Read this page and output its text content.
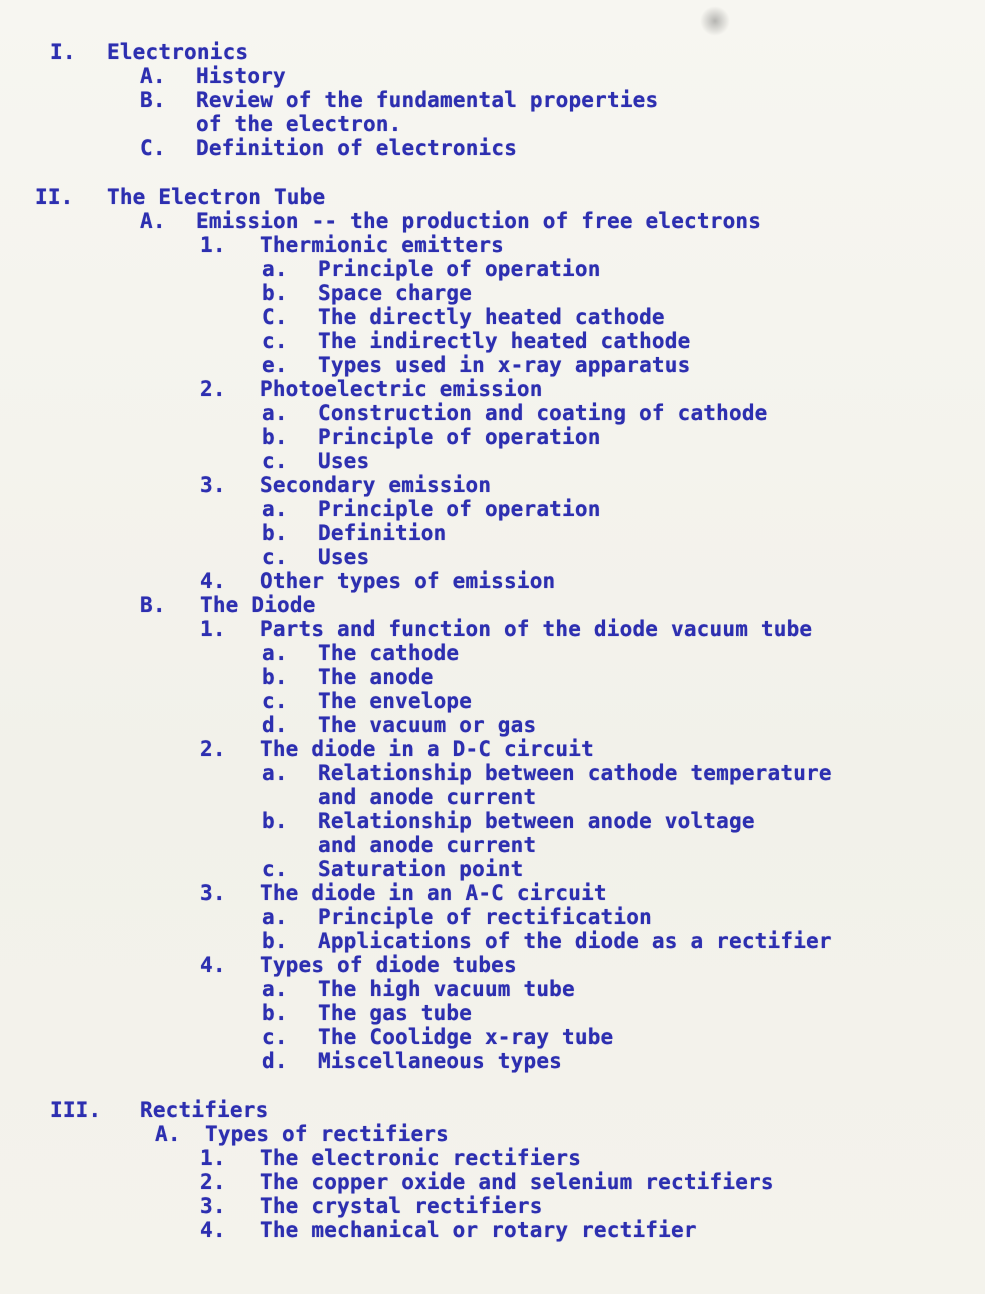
I. Electronics
A. History
B. Review of the fundamental properties
of the electron.
C. Definition of electronics
II. The Electron Tube
A. Emission -- the production of free electrons
1. Thermionic emitters
a. Principle of operation
b. Space charge
C. The directly heated cathode
c. The indirectly heated cathode
e. Types used in x-ray apparatus
2. Photoelectric emission
a. Construction and coating of cathode
b. Principle of operation
c. Uses
3. Secondary emission
a. Principle of operation
b. Definition
c. Uses
4. Other types of emission
B. The Diode
1. Parts and function of the diode vacuum tube
a. The cathode
b. The anode
c. The envelope
d. The vacuum or gas
2. The diode in a D-C circuit
a. Relationship between cathode temperature
and anode current
b. Relationship between anode voltage
and anode current
c. Saturation point
3. The diode in an A-C circuit
a. Principle of rectification
b. Applications of the diode as a rectifier
4. Types of diode tubes
a. The high vacuum tube
b. The gas tube
c. The Coolidge x-ray tube
d. Miscellaneous types
III. Rectifiers
A. Types of rectifiers
1. The electronic rectifiers
2. The copper oxide and selenium rectifiers
3. The crystal rectifiers
4. The mechanical or rotary rectifier
